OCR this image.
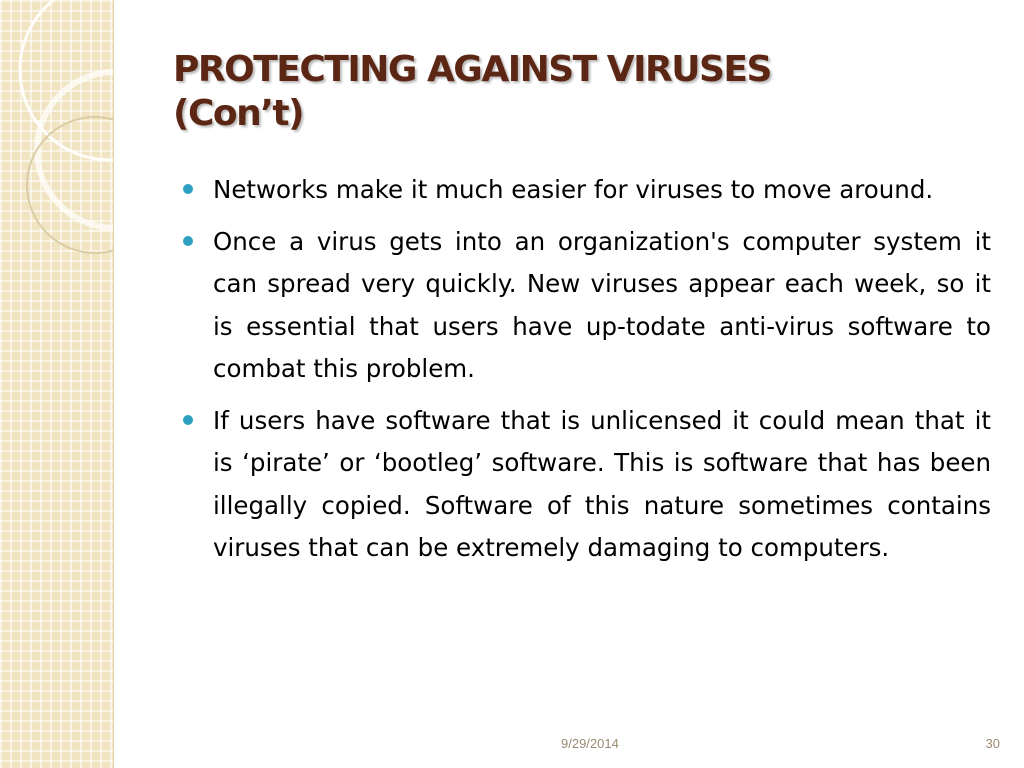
PROTECTING AGAINST VIRUSES
(Con’t)
Networks make it much easier for viruses to move around.
Once a virus gets into an organization's computer system it can spread very quickly. New viruses appear each week, so it is essential that users have up-todate anti-virus software to combat this problem.
If users have software that is unlicensed it could mean that it is ‘pirate’ or ‘bootleg’ software. This is software that has been illegally copied. Software of this nature sometimes contains viruses that can be extremely damaging to computers.
9/29/2014	30
